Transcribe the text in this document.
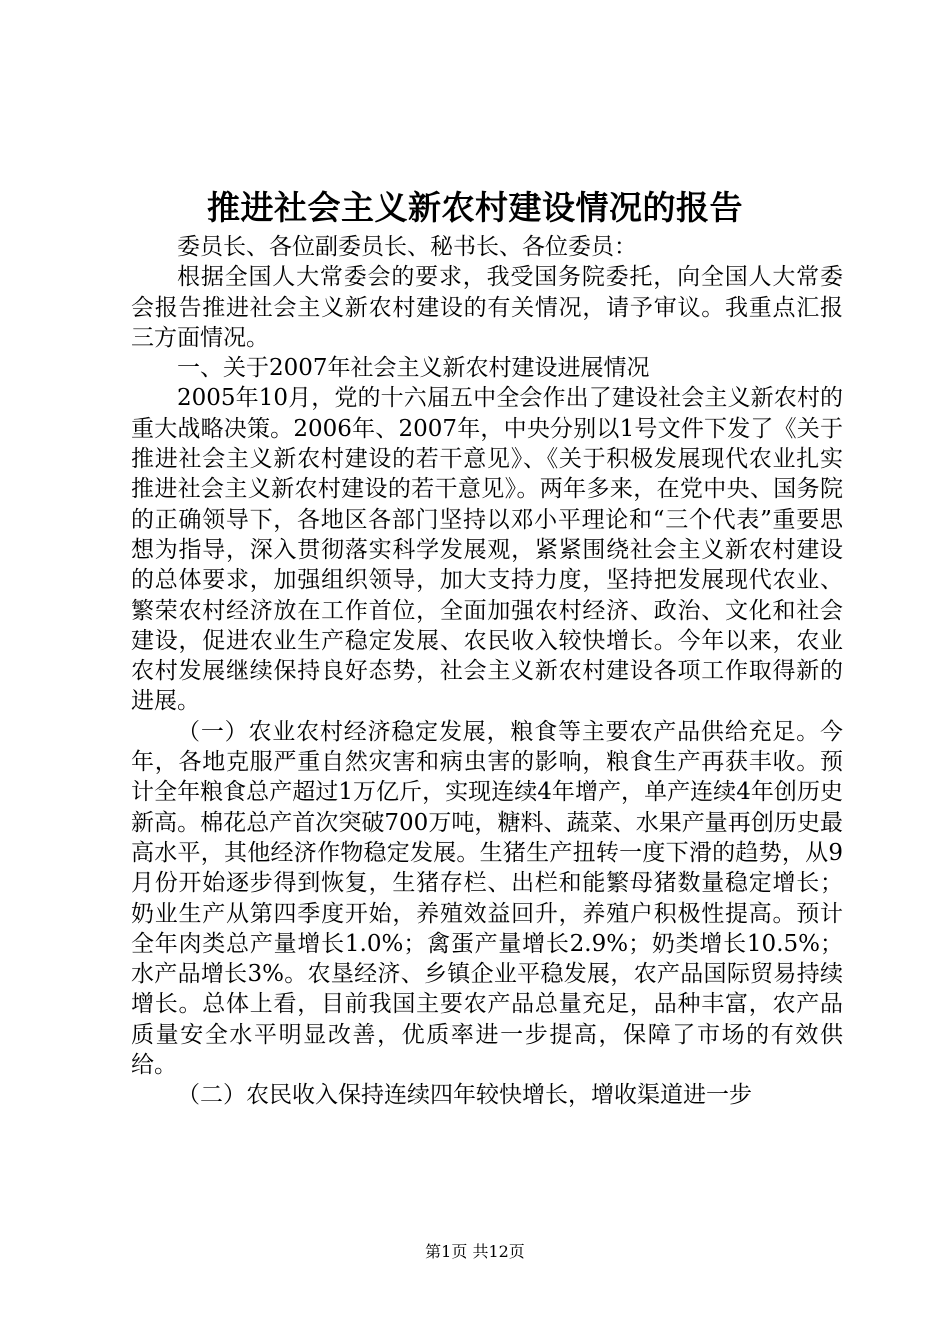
推进社会主义新农村建设情况的报告

委员长、各位副委员长、秘书长、各位委员：

根据全国人大常委会的要求，我受国务院委托，向全国人大常委会报告推进社会主义新农村建设的有关情况，请予审议。我重点汇报三方面情况。

一、关于2007年社会主义新农村建设进展情况

2005年10月，党的十六届五中全会作出了建设社会主义新农村的重大战略决策。2006年、2007年，中央分别以1号文件下发了《关于推进社会主义新农村建设的若干意见》、《关于积极发展现代农业扎实推进社会主义新农村建设的若干意见》。两年多来，在党中央、国务院的正确领导下，各地区各部门坚持以邓小平理论和“三个代表”重要思想为指导，深入贯彻落实科学发展观，紧紧围绕社会主义新农村建设的总体要求，加强组织领导，加大支持力度，坚持把发展现代农业、繁荣农村经济放在工作首位，全面加强农村经济、政治、文化和社会建设，促进农业生产稳定发展、农民收入较快增长。今年以来，农业农村发展继续保持良好态势，社会主义新农村建设各项工作取得新的进展。

（一）农业农村经济稳定发展，粮食等主要农产品供给充足。今年，各地克服严重自然灾害和病虫害的影响，粮食生产再获丰收。预计全年粮食总产超过1万亿斤，实现连续4年增产，单产连续4年创历史新高。棉花总产首次突破700万吨，糖料、蔬菜、水果产量再创历史最高水平，其他经济作物稳定发展。生猪生产扭转一度下滑的趋势，从9月份开始逐步得到恢复，生猪存栏、出栏和能繁母猪数量稳定增长；奶业生产从第四季度开始，养殖效益回升，养殖户积极性提高。预计全年肉类总产量增长1.0%；禽蛋产量增长2.9%；奶类增长10.5%；水产品增长3%。农垦经济、乡镇企业平稳发展，农产品国际贸易持续增长。总体上看，目前我国主要农产品总量充足，品种丰富，农产品质量安全水平明显改善，优质率进一步提高，保障了市场的有效供给。

（二）农民收入保持连续四年较快增长，增收渠道进一步

第1页 共12页
